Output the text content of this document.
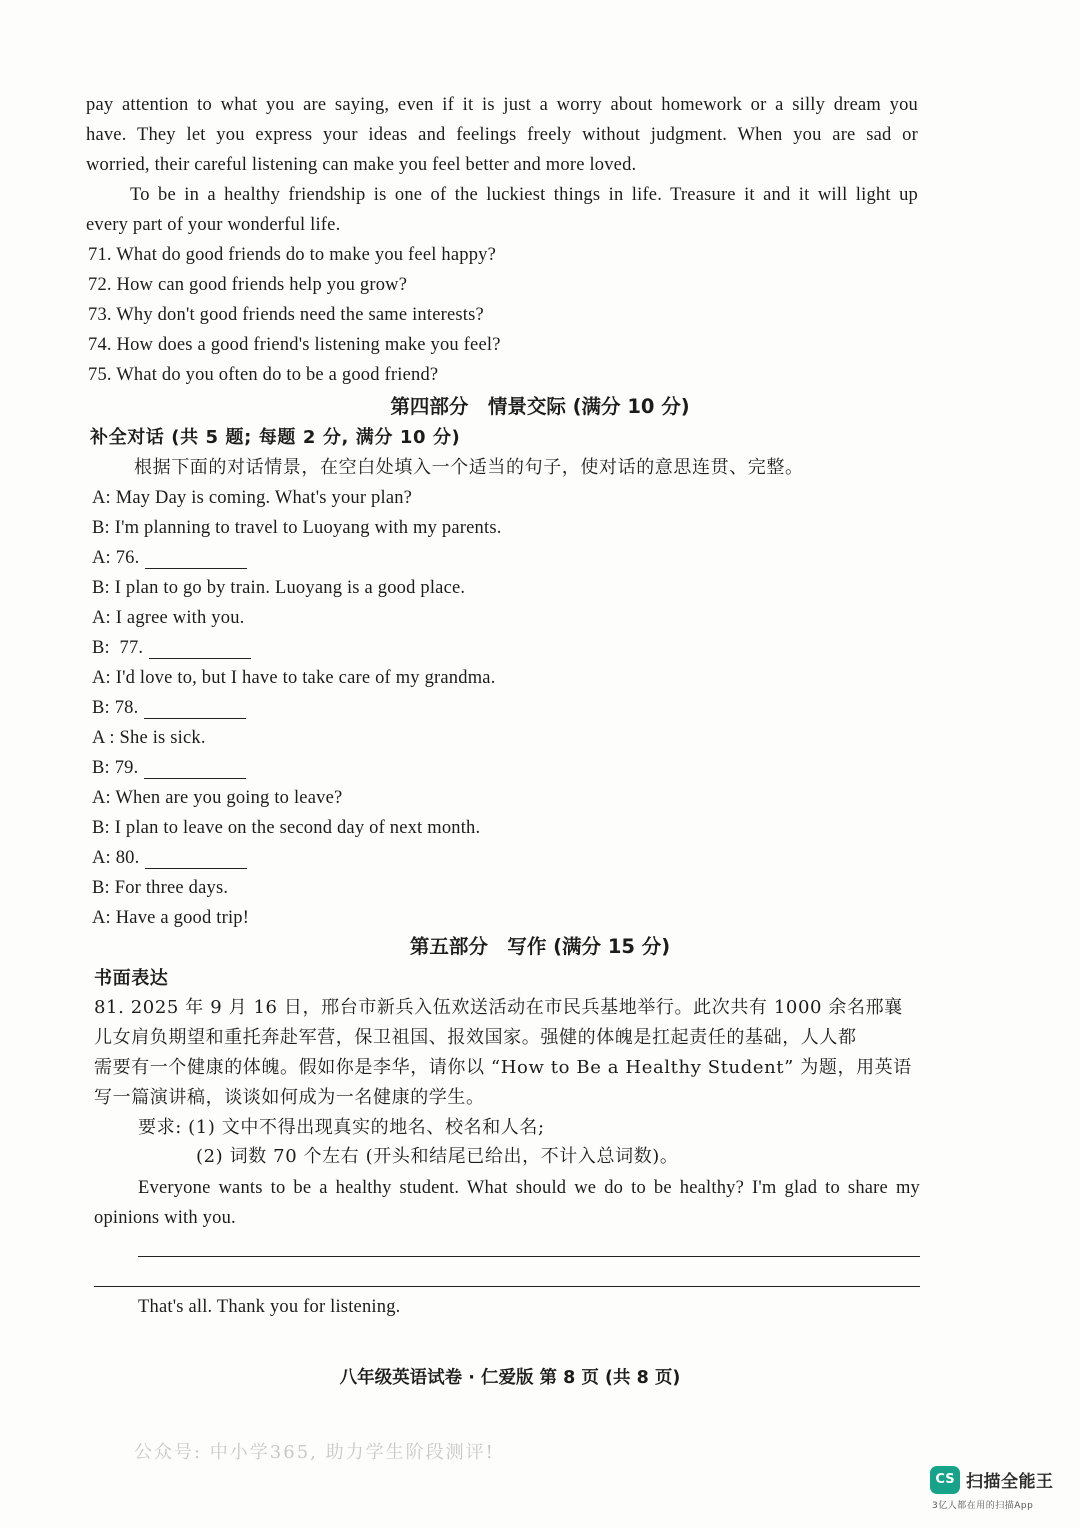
pay attention to what you are saying, even if it is just a worry about homework or a silly dream you
have. They let you express your ideas and feelings freely without judgment. When you are sad or
worried, their careful listening can make you feel better and more loved.
To be in a healthy friendship is one of the luckiest things in life. Treasure it and it will light up
every part of your wonderful life.
71. What do good friends do to make you feel happy?
72. How can good friends help you grow?
73. Why don't good friends need the same interests?
74. How does a good friend's listening make you feel?
75. What do you often do to be a good friend?
第四部分　情景交际 (满分 10 分)
补全对话 (共 5 题; 每题 2 分, 满分 10 分)
根据下面的对话情景，在空白处填入一个适当的句子，使对话的意思连贯、完整。
A: May Day is coming. What's your plan?
B: I'm planning to travel to Luoyang with my parents.
A: 76.
B: I plan to go by train. Luoyang is a good place.
A: I agree with you.
B:  77.
A: I'd love to, but I have to take care of my grandma.
B: 78.
A : She is sick.
B: 79.
A: When are you going to leave?
B: I plan to leave on the second day of next month.
A: 80.
B: For three days.
A: Have a good trip!
第五部分　写作 (满分 15 分)
书面表达
81. 2025 年 9 月 16 日，邢台市新兵入伍欢送活动在市民兵基地举行。此次共有 1000 余名邢襄
儿女肩负期望和重托奔赴军营，保卫祖国、报效国家。强健的体魄是扛起责任的基础，人人都
需要有一个健康的体魄。假如你是李华，请你以 “How to Be a Healthy Student” 为题，用英语
写一篇演讲稿，谈谈如何成为一名健康的学生。
要求: (1) 文中不得出现真实的地名、校名和人名;
(2) 词数 70 个左右 (开头和结尾已给出，不计入总词数)。
Everyone wants to be a healthy student. What should we do to be healthy? I'm glad to share my
opinions with you.
That's all. Thank you for listening.
八年级英语试卷 · 仁爱版 第 8 页 (共 8 页)
公众号: 中小学365, 助力学生阶段测评!
CS 扫描全能王
3亿人都在用的扫描App
